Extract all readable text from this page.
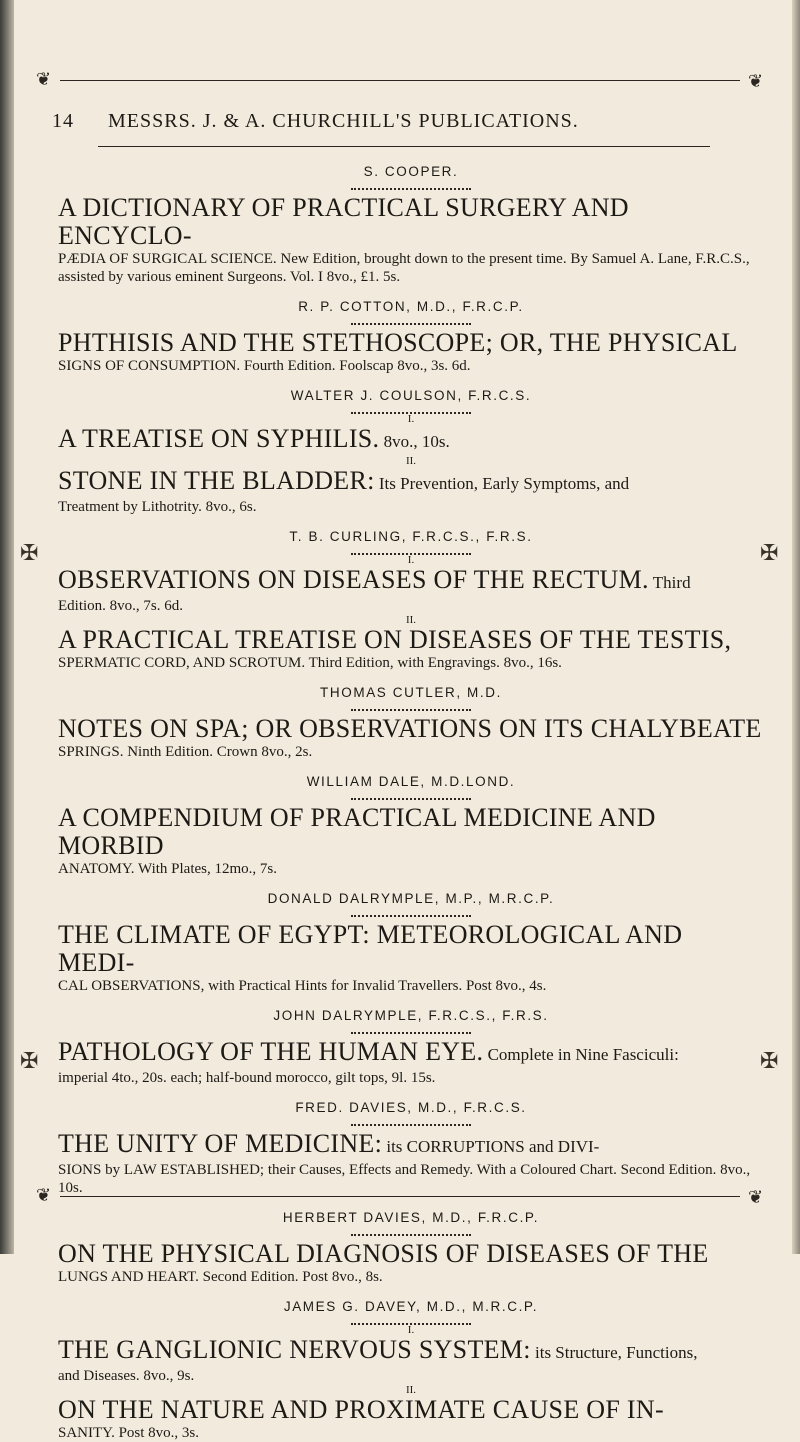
❦	❦
14 MESSRS. J. & A. CHURCHILL'S PUBLICATIONS.

S. COOPER.

A DICTIONARY OF PRACTICAL SURGERY AND ENCYCLO-

PÆDIA OF SURGICAL SCIENCE. New Edition, brought down to the present time. By Samuel A. Lane, F.R.C.S., assisted by various eminent Surgeons. Vol. I 8vo., £1. 5s.

R. P. COTTON, M.D., F.R.C.P.

PHTHISIS AND THE STETHOSCOPE; OR, THE PHYSICAL

SIGNS OF CONSUMPTION. Fourth Edition. Foolscap 8vo., 3s. 6d.

WALTER J. COULSON, F.R.C.S.

I.

A TREATISE ON SYPHILIS. 8vo., 10s.

II.

STONE IN THE BLADDER: Its Prevention, Early Symptoms, and

Treatment by Lithotrity. 8vo., 6s.

T. B. CURLING, F.R.C.S., F.R.S.

I.

OBSERVATIONS ON DISEASES OF THE RECTUM. Third

Edition. 8vo., 7s. 6d.

II.

A PRACTICAL TREATISE ON DISEASES OF THE TESTIS,

SPERMATIC CORD, AND SCROTUM. Third Edition, with Engravings. 8vo., 16s.

THOMAS CUTLER, M.D.

NOTES ON SPA; OR OBSERVATIONS ON ITS CHALYBEATE

SPRINGS. Ninth Edition. Crown 8vo., 2s.

WILLIAM DALE, M.D.LOND.

A COMPENDIUM OF PRACTICAL MEDICINE AND MORBID

ANATOMY. With Plates, 12mo., 7s.

DONALD DALRYMPLE, M.P., M.R.C.P.

THE CLIMATE OF EGYPT: METEOROLOGICAL AND MEDI-

CAL OBSERVATIONS, with Practical Hints for Invalid Travellers. Post 8vo., 4s.

JOHN DALRYMPLE, F.R.C.S., F.R.S.

PATHOLOGY OF THE HUMAN EYE. Complete in Nine Fasciculi:

imperial 4to., 20s. each; half-bound morocco, gilt tops, 9l. 15s.

FRED. DAVIES, M.D., F.R.C.S.

THE UNITY OF MEDICINE: its CORRUPTIONS and DIVI-

SIONS by LAW ESTABLISHED; their Causes, Effects and Remedy. With a Coloured Chart. Second Edition. 8vo., 10s.

HERBERT DAVIES, M.D., F.R.C.P.

ON THE PHYSICAL DIAGNOSIS OF DISEASES OF THE

LUNGS AND HEART. Second Edition. Post 8vo., 8s.

JAMES G. DAVEY, M.D., M.R.C.P.

I.

THE GANGLIONIC NERVOUS SYSTEM: its Structure, Functions,

and Diseases. 8vo., 9s.

II.

ON THE NATURE AND PROXIMATE CAUSE OF IN-

SANITY. Post 8vo., 3s.

❦	❦
✠	✠
✠	✠
